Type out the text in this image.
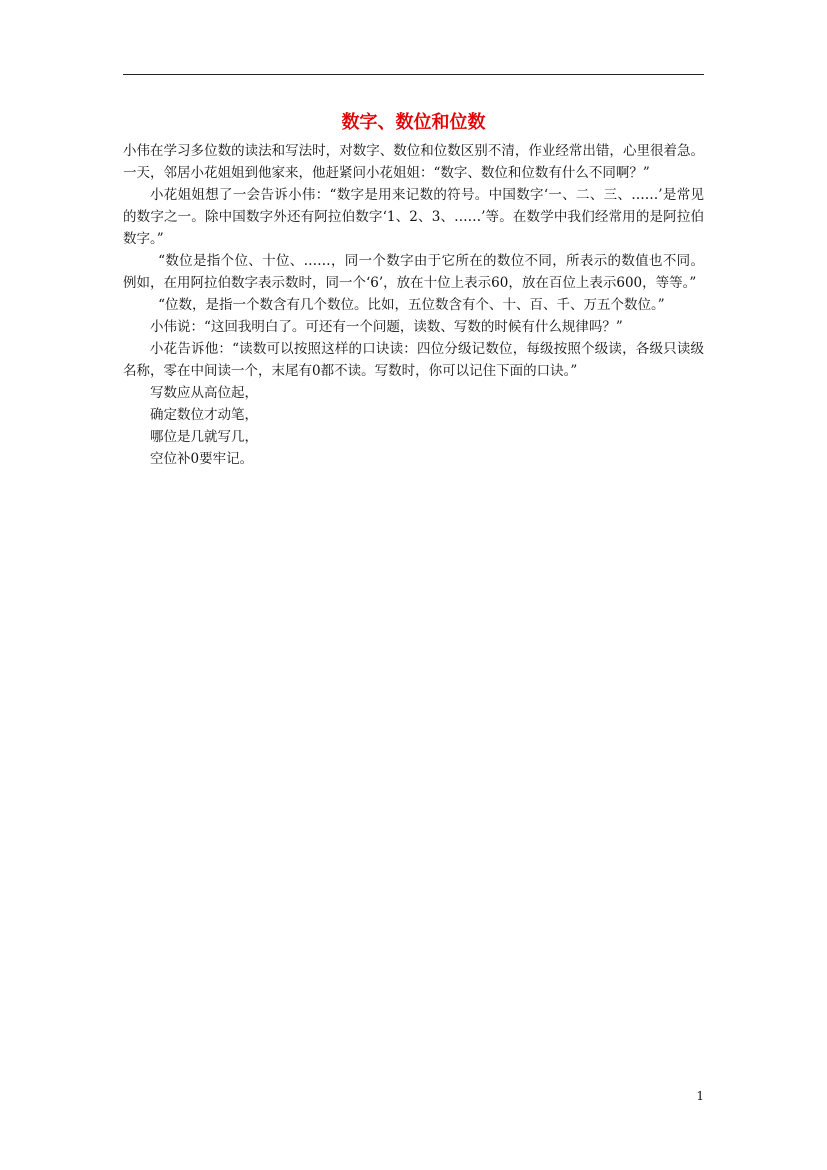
数字、数位和位数

小伟在学习多位数的读法和写法时，对数字、数位和位数区别不清，作业经常出错，心里很着急。一天，邻居小花姐姐到他家来，他赶紧问小花姐姐：“数字、数位和位数有什么不同啊？”

小花姐姐想了一会告诉小伟：“数字是用来记数的符号。中国数字‘一、二、三、……’是常见的数字之一。除中国数字外还有阿拉伯数字‘1、2、3、……’等。在数学中我们经常用的是阿拉伯数字。”

“数位是指个位、十位、……，同一个数字由于它所在的数位不同，所表示的数值也不同。例如，在用阿拉伯数字表示数时，同一个‘6’，放在十位上表示60，放在百位上表示600，等等。”

“位数，是指一个数含有几个数位。比如，五位数含有个、十、百、千、万五个数位。”

小伟说：“这回我明白了。可还有一个问题，读数、写数的时候有什么规律吗？”

小花告诉他：“读数可以按照这样的口诀读：四位分级记数位，每级按照个级读，各级只读级名称，零在中间读一个，末尾有0都不读。写数时，你可以记住下面的口诀。”

写数应从高位起，

确定数位才动笔，

哪位是几就写几，

空位补0要牢记。

1
